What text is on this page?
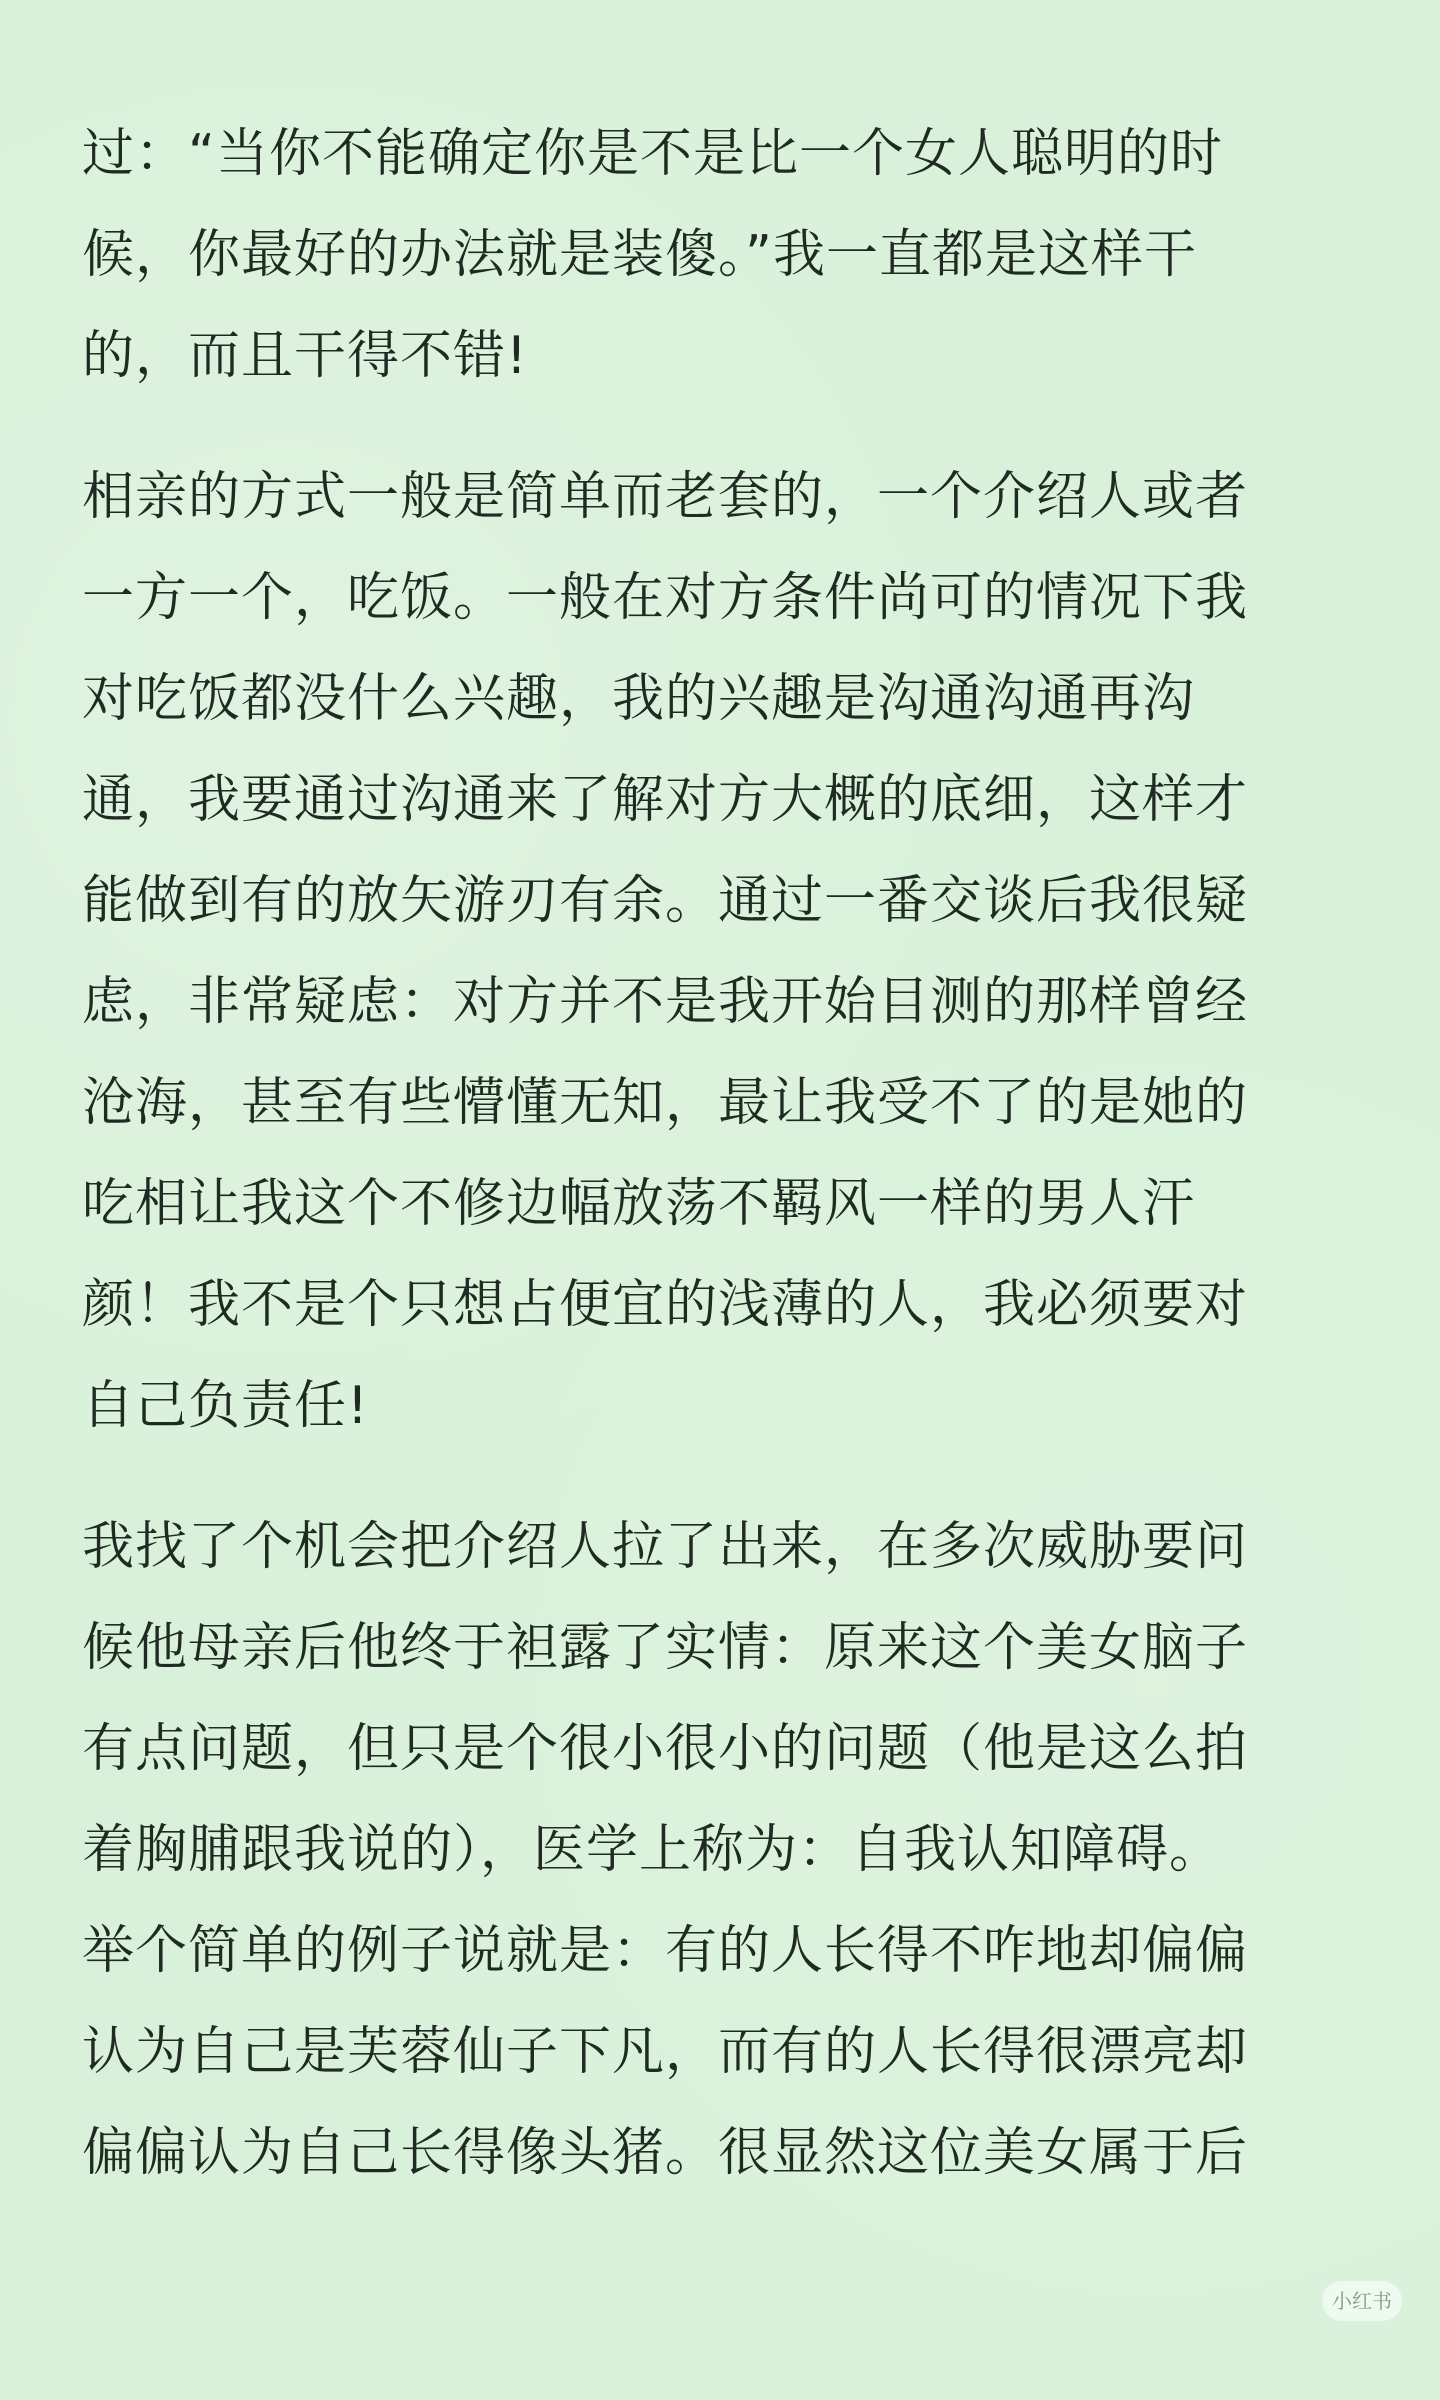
过：“当你不能确定你是不是比一个女人聪明的时
候，你最好的办法就是装傻。”我一直都是这样干
的，而且干得不错!
相亲的方式一般是简单而老套的，一个介绍人或者
一方一个，吃饭。一般在对方条件尚可的情况下我
对吃饭都没什么兴趣，我的兴趣是沟通沟通再沟
通，我要通过沟通来了解对方大概的底细，这样才
能做到有的放矢游刃有余。通过一番交谈后我很疑
虑，非常疑虑：对方并不是我开始目测的那样曾经
沧海，甚至有些懵懂无知，最让我受不了的是她的
吃相让我这个不修边幅放荡不羁风一样的男人汗
颜！我不是个只想占便宜的浅薄的人，我必须要对
自己负责任!
我找了个机会把介绍人拉了出来，在多次威胁要问
候他母亲后他终于袒露了实情：原来这个美女脑子
有点问题，但只是个很小很小的问题（他是这么拍
着胸脯跟我说的），医学上称为：自我认知障碍。
举个简单的例子说就是：有的人长得不咋地却偏偏
认为自己是芙蓉仙子下凡，而有的人长得很漂亮却
偏偏认为自己长得像头猪。很显然这位美女属于后
小红书
